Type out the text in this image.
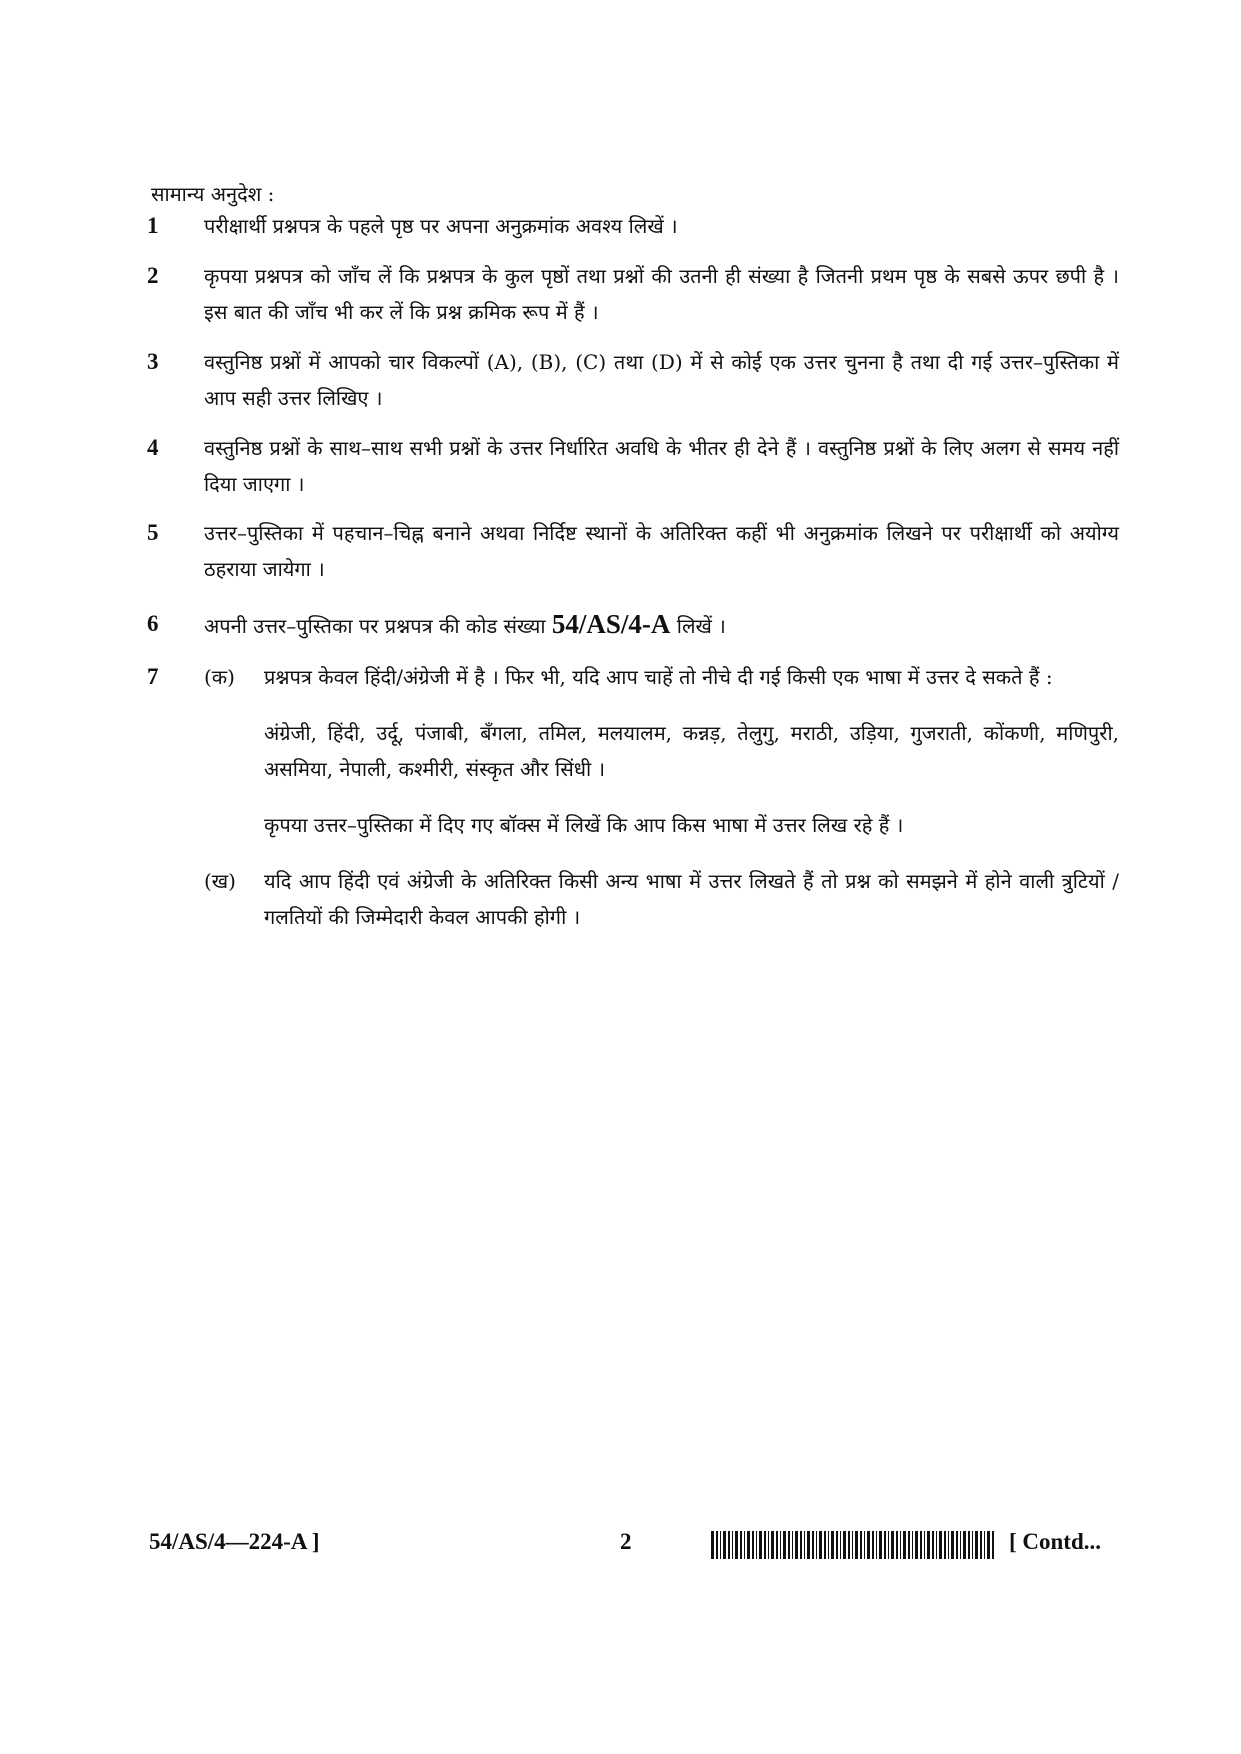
सामान्य अनुदेश :
1	परीक्षार्थी प्रश्नपत्र के पहले पृष्ठ पर अपना अनुक्रमांक अवश्य लिखें ।
2	कृपया प्रश्नपत्र को जाँच लें कि प्रश्नपत्र के कुल पृष्ठों तथा प्रश्नों की उतनी ही संख्या है जितनी प्रथम पृष्ठ के सबसे ऊपर छपी है । इस बात की जाँच भी कर लें कि प्रश्न क्रमिक रूप में हैं ।
3	वस्तुनिष्ठ प्रश्नों में आपको चार विकल्पों (A), (B), (C) तथा (D) में से कोई एक उत्तर चुनना है तथा दी गई उत्तर–पुस्तिका में आप सही उत्तर लिखिए ।
4	वस्तुनिष्ठ प्रश्नों के साथ–साथ सभी प्रश्नों के उत्तर निर्धारित अवधि के भीतर ही देने हैं । वस्तुनिष्ठ प्रश्नों के लिए अलग से समय नहीं दिया जाएगा ।
5	उत्तर–पुस्तिका में पहचान–चिह्न बनाने अथवा निर्दिष्ट स्थानों के अतिरिक्त कहीं भी अनुक्रमांक लिखने पर परीक्षार्थी को अयोग्य ठहराया जायेगा ।
6	अपनी उत्तर–पुस्तिका पर प्रश्नपत्र की कोड संख्या 54/AS/4-A लिखें ।
7	(क)	प्रश्नपत्र केवल हिंदी/अंग्रेजी में है । फिर भी, यदि आप चाहें तो नीचे दी गई किसी एक भाषा में उत्तर दे सकते हैं :
अंग्रेजी, हिंदी, उर्दू, पंजाबी, बँगला, तमिल, मलयालम, कन्नड़, तेलुगु, मराठी, उड़िया, गुजराती, कोंकणी, मणिपुरी, असमिया, नेपाली, कश्मीरी, संस्कृत और सिंधी ।
कृपया उत्तर–पुस्तिका में दिए गए बॉक्स में लिखें कि आप किस भाषा में उत्तर लिख रहे हैं ।
(ख)	यदि आप हिंदी एवं अंग्रेजी के अतिरिक्त किसी अन्य भाषा में उत्तर लिखते हैं तो प्रश्न को समझने में होने वाली त्रुटियों / गलतियों की जिम्मेदारी केवल आपकी होगी ।
54/AS/4—224-A ]	2	[ Contd...
